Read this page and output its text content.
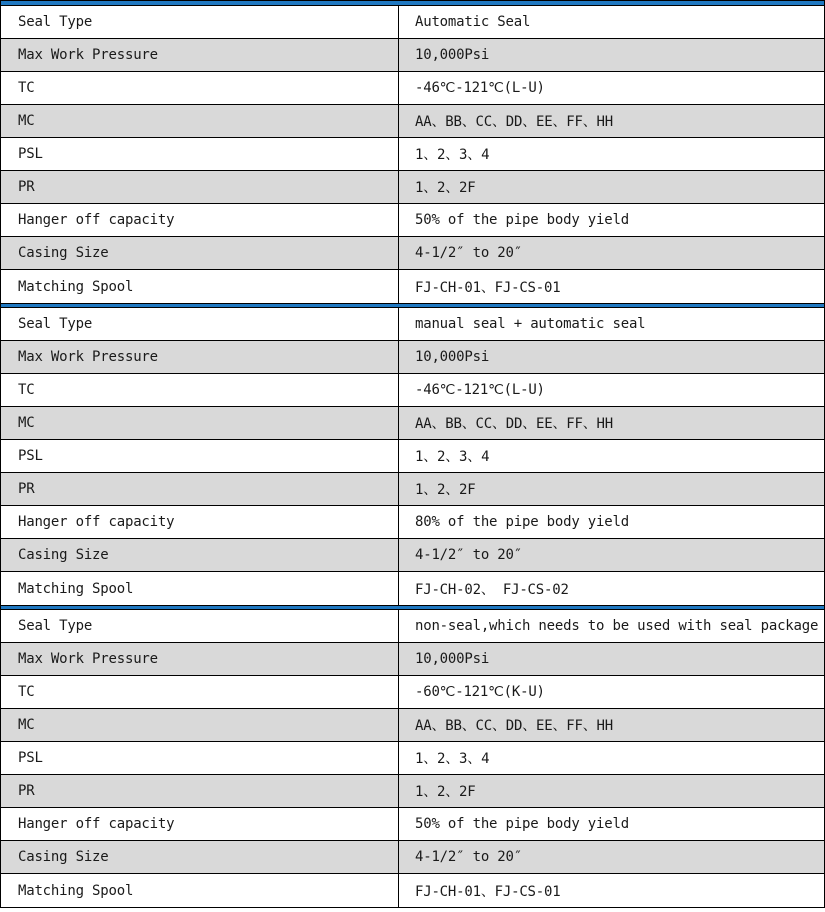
Seal Type	Automatic Seal
Max Work Pressure	10,000Psi
TC	-46℃-121℃(L-U)
MC	AA、BB、CC、DD、EE、FF、HH
PSL	1、2、3、4
PR	1、2、2F
Hanger off capacity	50% of the pipe body yield
Casing Size	4-1/2″ to 20″
Matching Spool	FJ-CH-01、FJ-CS-01
Seal Type	manual seal + automatic seal
Max Work Pressure	10,000Psi
TC	-46℃-121℃(L-U)
MC	AA、BB、CC、DD、EE、FF、HH
PSL	1、2、3、4
PR	1、2、2F
Hanger off capacity	80% of the pipe body yield
Casing Size	4-1/2″ to 20″
Matching Spool	FJ-CH-02、 FJ-CS-02
Seal Type	non-seal,which needs to be used with seal package
Max Work Pressure	10,000Psi
TC	-60℃-121℃(K-U)
MC	AA、BB、CC、DD、EE、FF、HH
PSL	1、2、3、4
PR	1、2、2F
Hanger off capacity	50% of the pipe body yield
Casing Size	4-1/2″ to 20″
Matching Spool	FJ-CH-01、FJ-CS-01
